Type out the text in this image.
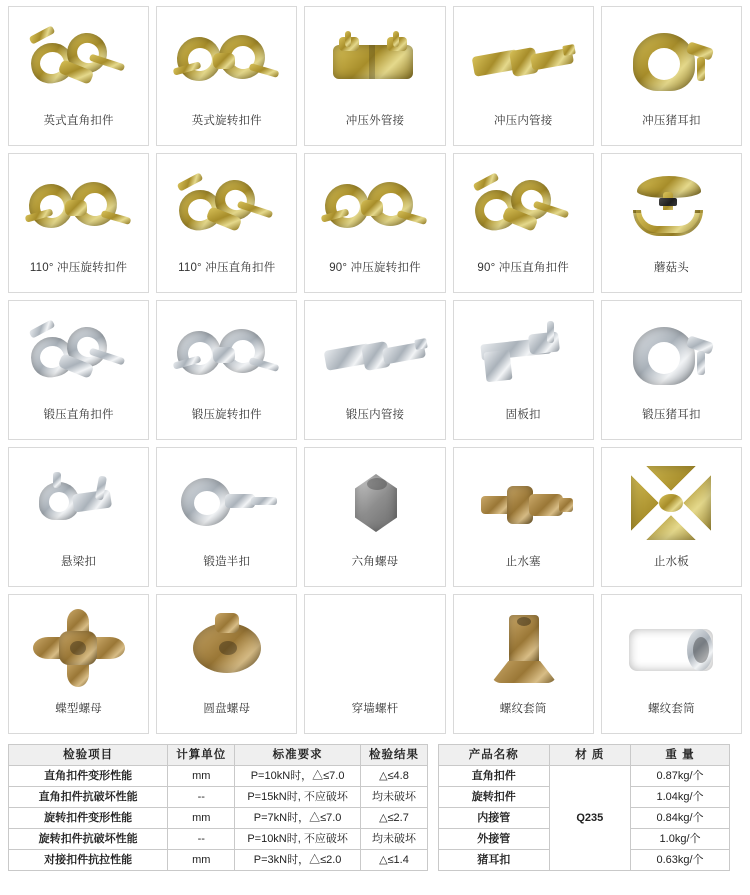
英式直角扣件	英式旋转扣件	冲压外管接	冲压内管接	冲压猪耳扣
110° 冲压旋转扣件	110° 冲压直角扣件	90° 冲压旋转扣件	90° 冲压直角扣件	蘑菇头
锻压直角扣件	锻压旋转扣件	锻压内管接	固板扣	锻压猪耳扣
悬梁扣	锻造半扣	六角螺母	止水塞	止水板
蝶型螺母	圆盘螺母	穿墙螺杆	螺纹套筒	螺纹套筒
检验项目	计算单位	标准要求	检验结果
直角扣件变形性能	mm	P=10kN时，△≤7.0	△≤4.8
直角扣件抗破坏性能	--	P=15kN时, 不应破坏	均未破坏
旋转扣件变形性能	mm	P=7kN时，△≤7.0	△≤2.7
旋转扣件抗破坏性能	--	P=10kN时, 不应破坏	均未破坏
对接扣件抗拉性能	mm	P=3kN时，△≤2.0	△≤1.4
产品名称	材 质	重 量
直角扣件	Q235	0.87kg/个
旋转扣件		1.04kg/个
内接管		0.84kg/个
外接管		1.0kg/个
猪耳扣		0.63kg/个
